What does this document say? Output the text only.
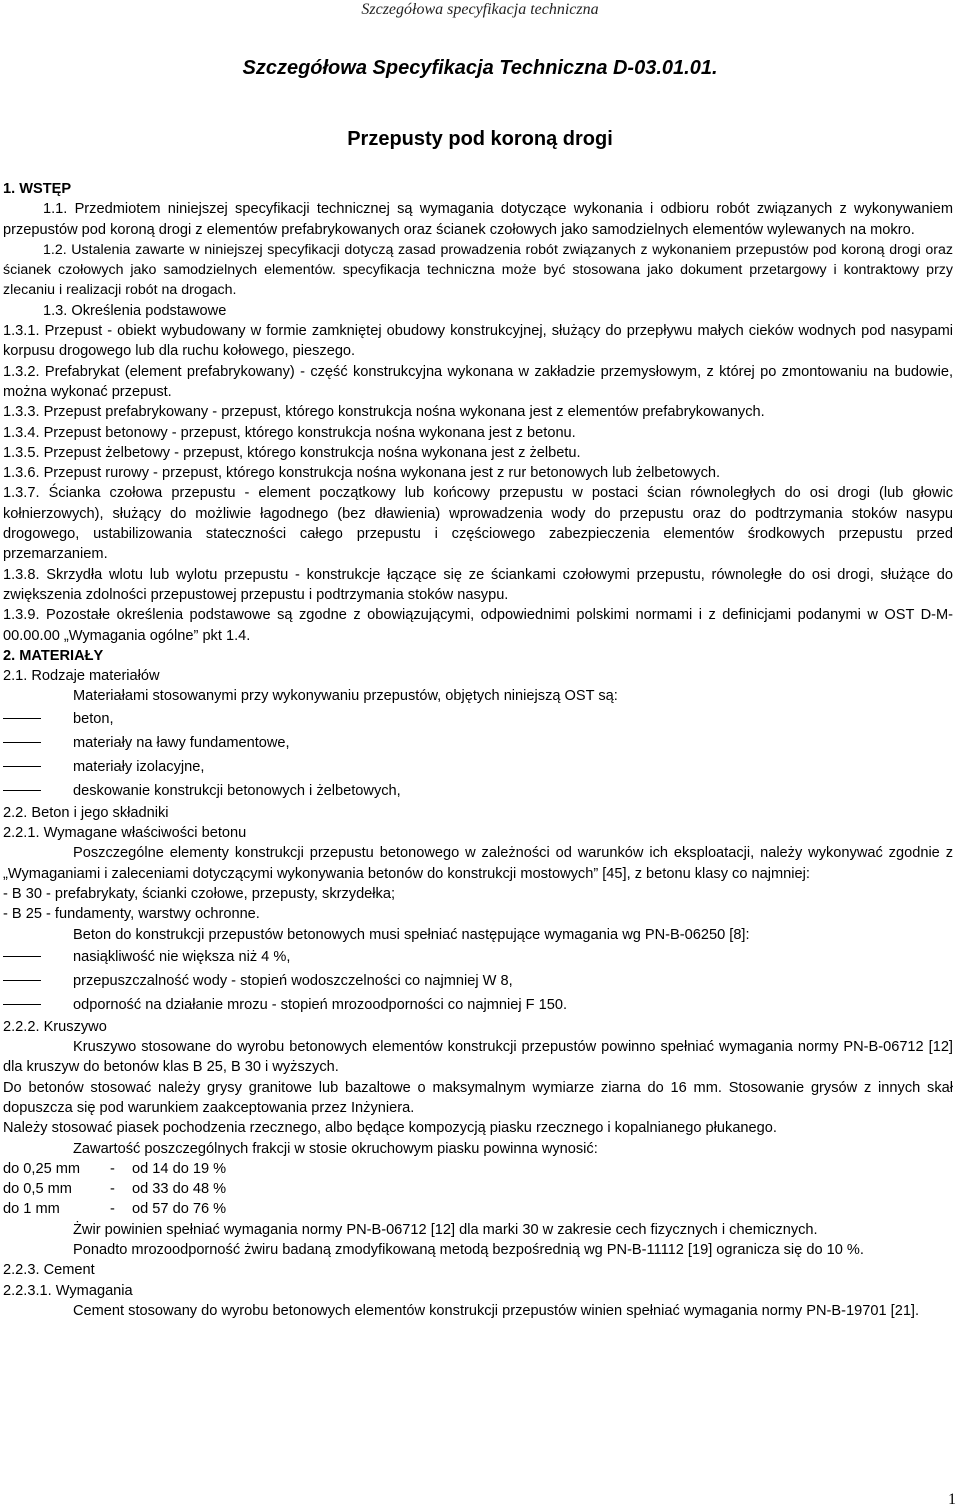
Szczegółowa specyfikacja techniczna
Szczegółowa Specyfikacja Techniczna D-03.01.01.
Przepusty pod koroną drogi

1. WSTĘP

1.1. Przedmiotem niniejszej specyfikacji technicznej są wymagania dotyczące wykonania i odbioru robót związanych z wykonywaniem przepustów pod koroną drogi z elementów prefabrykowanych oraz ścianek czołowych jako samodzielnych elementów wylewanych na mokro.

1.2. Ustalenia zawarte w niniejszej specyfikacji dotyczą zasad prowadzenia robót związanych z wykonaniem przepustów pod koroną drogi oraz ścianek czołowych jako samodzielnych elementów. specyfikacja techniczna może być stosowana jako dokument przetargowy i kontraktowy przy zlecaniu i realizacji robót na drogach.

1.3. Określenia podstawowe

1.3.1. Przepust - obiekt wybudowany w formie zamkniętej obudowy konstrukcyjnej, służący do przepływu małych cieków wodnych pod nasypami korpusu drogowego lub dla ruchu kołowego, pieszego.

1.3.2. Prefabrykat (element prefabrykowany) - część konstrukcyjna wykonana w zakładzie przemysłowym, z której po zmontowaniu na budowie, można wykonać przepust.

1.3.3. Przepust prefabrykowany - przepust, którego konstrukcja nośna wykonana jest z elementów prefabrykowanych.

1.3.4. Przepust betonowy - przepust, którego konstrukcja nośna wykonana jest z betonu.

1.3.5. Przepust żelbetowy - przepust, którego konstrukcja nośna wykonana jest z żelbetu.

1.3.6. Przepust rurowy - przepust, którego konstrukcja nośna wykonana jest z rur betonowych lub żelbetowych.

1.3.7. Ścianka czołowa przepustu - element początkowy lub końcowy przepustu w postaci ścian równoległych do osi drogi (lub głowic kołnierzowych), służący do możliwie łagodnego (bez dławienia) wprowadzenia wody do przepustu oraz do podtrzymania stoków nasypu drogowego, ustabilizowania stateczności całego przepustu i częściowego zabezpieczenia elementów środkowych przepustu przed przemarzaniem.

1.3.8. Skrzydła wlotu lub wylotu przepustu - konstrukcje łączące się ze ściankami czołowymi przepustu, równoległe do osi drogi, służące do zwiększenia zdolności przepustowej przepustu i podtrzymania stoków nasypu.

1.3.9. Pozostałe określenia podstawowe są zgodne z obowiązującymi, odpowiednimi polskimi normami i z definicjami podanymi w OST D-M-00.00.00 „Wymagania ogólne” pkt 1.4.

2. MATERIAŁY

2.1. Rodzaje materiałów

Materiałami stosowanymi przy wykonywaniu przepustów, objętych niniejszą OST są:

beton,
materiały na ławy fundamentowe,
materiały izolacyjne,
deskowanie konstrukcji betonowych i żelbetowych,

2.2. Beton i jego składniki

2.2.1. Wymagane właściwości betonu

Poszczególne elementy konstrukcji przepustu betonowego w zależności od warunków ich eksploatacji, należy wykonywać zgodnie z „Wymaganiami i zaleceniami dotyczącymi wykonywania betonów do konstrukcji mostowych” [45], z betonu klasy co najmniej:

- B 30 - prefabrykaty, ścianki czołowe, przepusty, skrzydełka;

- B 25 - fundamenty, warstwy ochronne.

Beton do konstrukcji przepustów betonowych musi spełniać następujące wymagania wg PN-B-06250 [8]:

nasiąkliwość nie większa niż 4 %,
przepuszczalność wody - stopień wodoszczelności co najmniej W 8,
odporność na działanie mrozu - stopień mrozoodporności co najmniej F 150.

2.2.2. Kruszywo

Kruszywo stosowane do wyrobu betonowych elementów konstrukcji przepustów powinno spełniać wymagania normy PN-B-06712 [12] dla kruszyw do betonów klas B 25, B 30 i wyższych.

Do betonów stosować należy grysy granitowe lub bazaltowe o maksymalnym wymiarze ziarna do 16 mm. Stosowanie grysów z innych skał dopuszcza się pod warunkiem zaakceptowania przez Inżyniera.

Należy stosować piasek pochodzenia rzecznego, albo będące kompozycją piasku rzecznego i kopalnianego płukanego.

Zawartość poszczególnych frakcji w stosie okruchowym piasku powinna wynosić:

do 0,25 mm	-	od 14 do 19 %
do 0,5 mm	-	od 33 do 48 %
do 1 mm	-	od 57 do 76 %

Żwir powinien spełniać wymagania normy PN-B-06712 [12] dla marki 30 w zakresie cech fizycznych i chemicznych.

Ponadto mrozoodporność żwiru badaną zmodyfikowaną metodą bezpośrednią wg PN-B-11112 [19] ogranicza się do 10 %.

2.2.3. Cement

2.2.3.1. Wymagania

Cement stosowany do wyrobu betonowych elementów konstrukcji przepustów winien spełniać wymagania normy PN-B-19701 [21].

1
